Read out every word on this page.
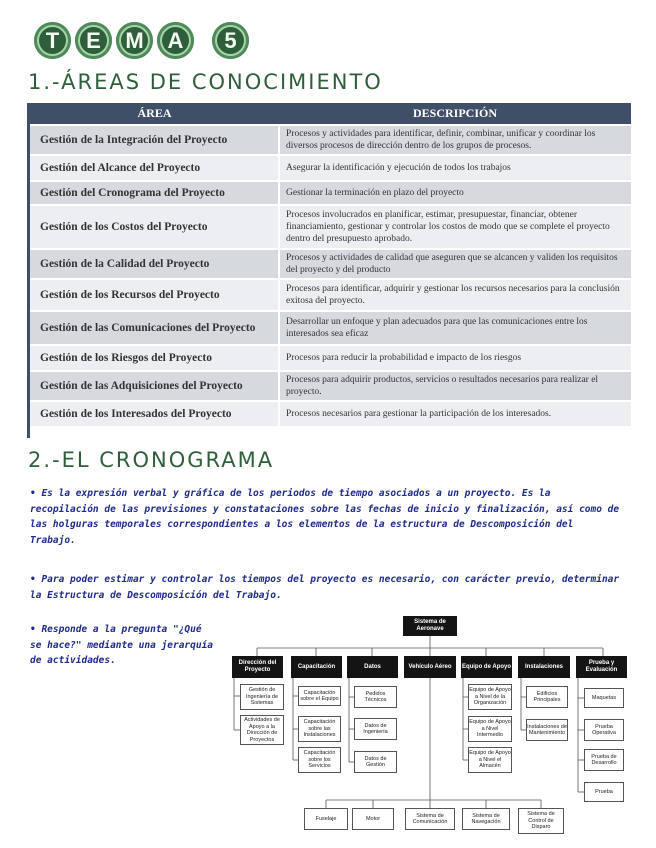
T	E	M	A	5
1.-ÁREAS DE CONOCIMIENTO
ÁREA	DESCRIPCIÓN
Gestión de la Integración del Proyecto	Procesos y actividades para identificar, definir, combinar, unificar y coordinar los diversos procesos de dirección dentro de los grupos de procesos.
Gestión del Alcance del Proyecto	Asegurar la identificación y ejecución de todos los trabajos
Gestión del Cronograma del Proyecto	Gestionar la terminación en plazo del proyecto
Gestión de los Costos del Proyecto	Procesos involucrados en planificar, estimar, presupuestar, financiar, obtener financiamiento, gestionar y controlar los costos de modo que se complete el proyecto dentro del presupuesto aprobado.
Gestión de la Calidad del Proyecto	Procesos y actividades de calidad que aseguren que se alcancen y validen los requisitos del proyecto y del producto
Gestión de los Recursos del Proyecto	Procesos para identificar, adquirir y gestionar los recursos necesarios para la conclusión exitosa del proyecto.
Gestión de las Comunicaciones del Proyecto	Desarrollar un enfoque y plan adecuados para que las comunicaciones entre los interesados sea eficaz
Gestión de los Riesgos del Proyecto	Procesos para reducir la probabilidad e impacto de los riesgos
Gestión de las Adquisiciones del Proyecto	Procesos para adquirir productos, servicios o resultados necesarios para realizar el proyecto.
Gestión de los Interesados del Proyecto	Procesos necesarios para gestionar la participación de los interesados.
2.-EL CRONOGRAMA
• Es la expresión verbal y gráfica de los periodos de tiempo asociados a un proyecto. Es la recopilación de las previsiones y constataciones sobre las fechas de inicio y finalización, así como de las holguras temporales correspondientes a los elementos de la estructura de Descomposición del Trabajo.
• Para poder estimar y controlar los tiempos del proyecto es necesario, con carácter previo, determinar la Estructura de Descomposición del Trabajo.
• Responde a la pregunta "¿Qué se hace?" mediante una jerarquía de actividades.
Sistema de Aeronave
Dirección del Proyecto
Capacitación	Datos	Vehículo Aéreo	Equipo de Apoyo	Instalaciones
Prueba y Evaluación
Gestión de Ingeniería de Sistemas
Actividades de Apoyo a la Dirección de Proyectos
Capacitación sobre el Equipo
Capacitación sobre las Instalaciones
Capacitación sobre los Servicios
Pedidos Técnicos
Datos de Ingeniería
Datos de Gestión
Equipo de Apoyo a Nivel de la Organización
Equipo de Apoyo a Nivel Intermedio
Equipo de Apoyo a Nivel el Almacén
Edificios Principales
Instalaciones de Mantenimiento
Maquetas
Prueba Operativa
Prueba de Desarrollo
Prueba
Fuselaje	Motor
Sistema de Comunicación
Sistema de Navegación
Sistema de Control de Disparo
